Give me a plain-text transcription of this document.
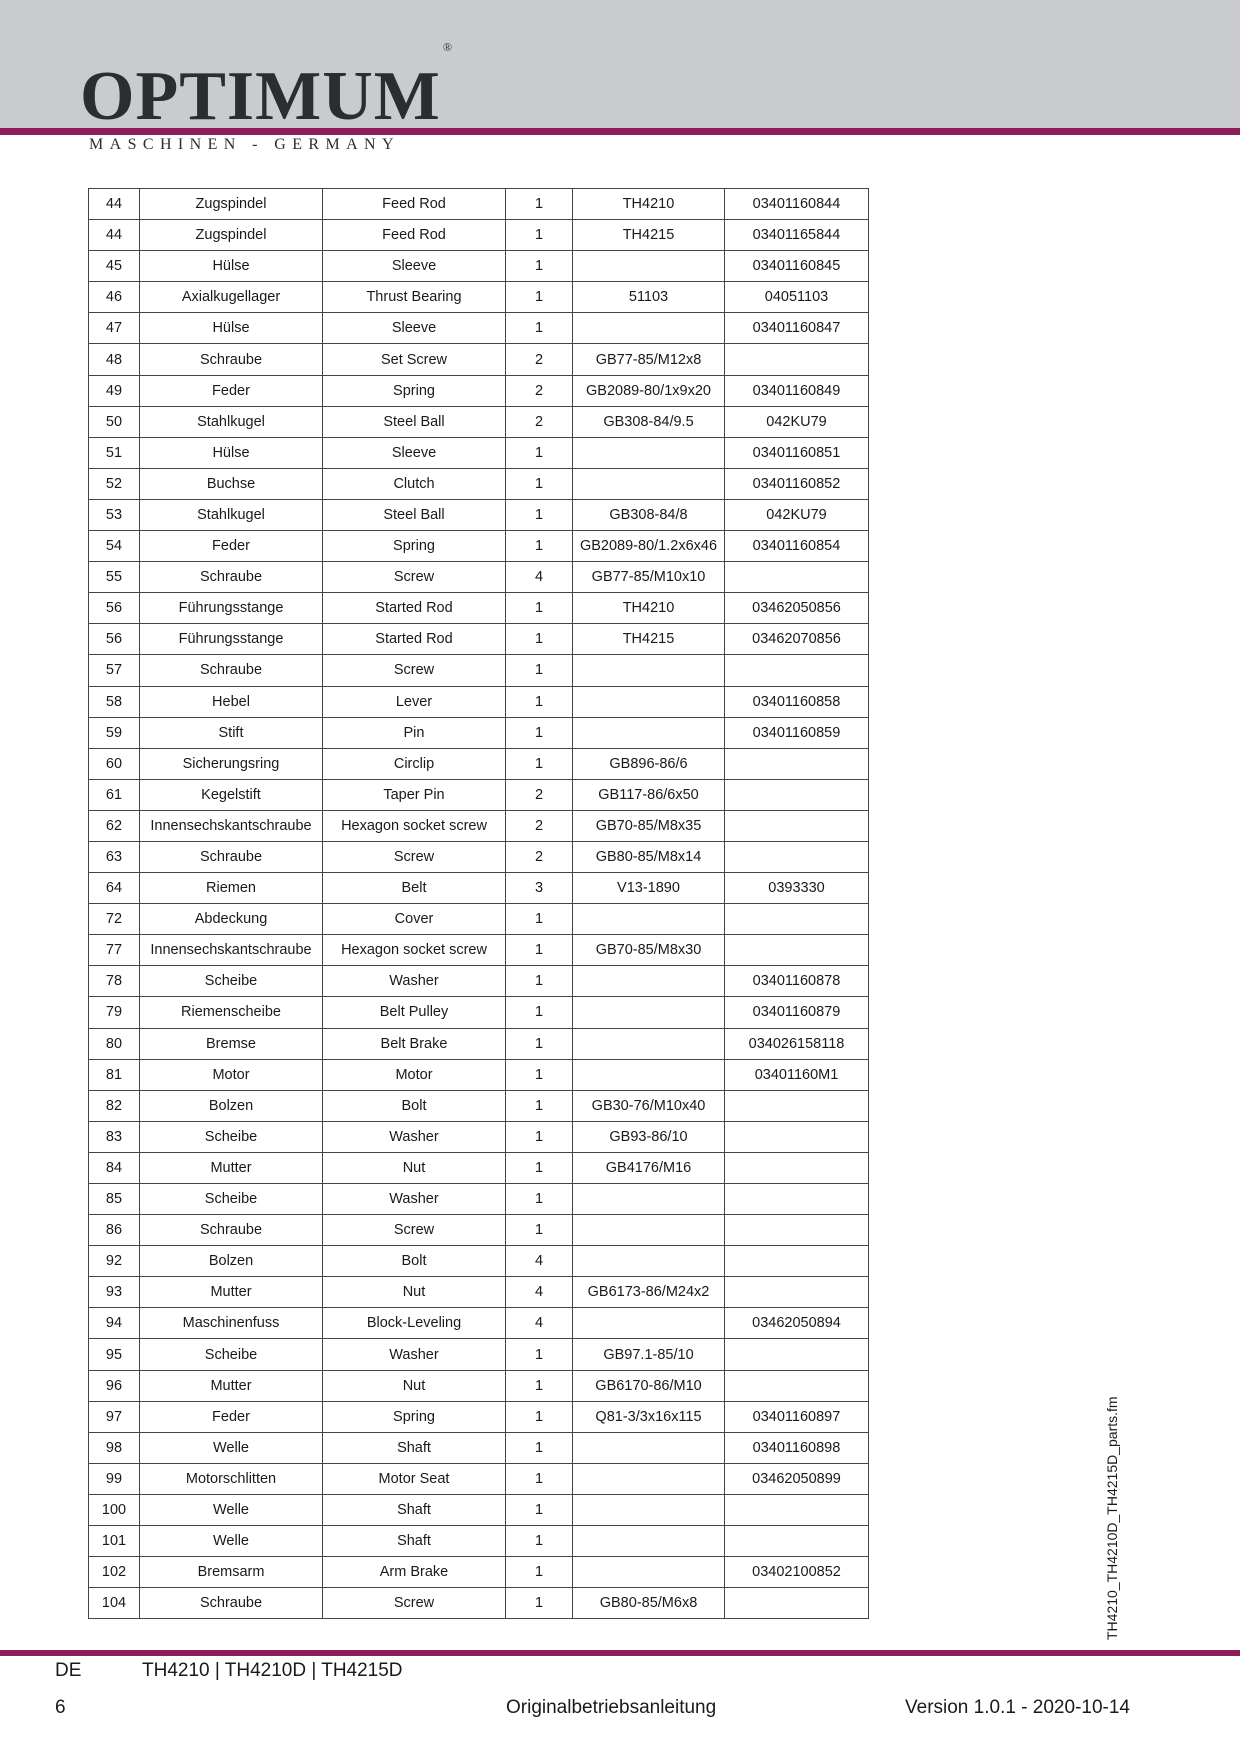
OPTIMUM®
MASCHINEN - GERMANY
44	Zugspindel	Feed Rod	1	TH4210	03401160844
44	Zugspindel	Feed Rod	1	TH4215	03401165844
45	Hülse	Sleeve	1		03401160845
46	Axialkugellager	Thrust Bearing	1	51103	04051103
47	Hülse	Sleeve	1		03401160847
48	Schraube	Set Screw	2	GB77-85/M12x8	
49	Feder	Spring	2	GB2089-80/1x9x20	03401160849
50	Stahlkugel	Steel Ball	2	GB308-84/9.5	042KU79
51	Hülse	Sleeve	1		03401160851
52	Buchse	Clutch	1		03401160852
53	Stahlkugel	Steel Ball	1	GB308-84/8	042KU79
54	Feder	Spring	1	GB2089-80/1.2x6x46	03401160854
55	Schraube	Screw	4	GB77-85/M10x10	
56	Führungsstange	Started Rod	1	TH4210	03462050856
56	Führungsstange	Started Rod	1	TH4215	03462070856
57	Schraube	Screw	1		
58	Hebel	Lever	1		03401160858
59	Stift	Pin	1		03401160859
60	Sicherungsring	Circlip	1	GB896-86/6	
61	Kegelstift	Taper Pin	2	GB117-86/6x50	
62	Innensechskantschraube	Hexagon socket screw	2	GB70-85/M8x35	
63	Schraube	Screw	2	GB80-85/M8x14	
64	Riemen	Belt	3	V13-1890	0393330
72	Abdeckung	Cover	1		
77	Innensechskantschraube	Hexagon socket screw	1	GB70-85/M8x30	
78	Scheibe	Washer	1		03401160878
79	Riemenscheibe	Belt Pulley	1		03401160879
80	Bremse	Belt Brake	1		034026158118
81	Motor	Motor	1		03401160M1
82	Bolzen	Bolt	1	GB30-76/M10x40	
83	Scheibe	Washer	1	GB93-86/10	
84	Mutter	Nut	1	GB4176/M16	
85	Scheibe	Washer	1		
86	Schraube	Screw	1		
92	Bolzen	Bolt	4		
93	Mutter	Nut	4	GB6173-86/M24x2	
94	Maschinenfuss	Block-Leveling	4		03462050894
95	Scheibe	Washer	1	GB97.1-85/10	
96	Mutter	Nut	1	GB6170-86/M10	
97	Feder	Spring	1	Q81-3/3x16x115	03401160897
98	Welle	Shaft	1		03401160898
99	Motorschlitten	Motor Seat	1		03462050899
100	Welle	Shaft	1		
101	Welle	Shaft	1		
102	Bremsarm	Arm Brake	1		03402100852
104	Schraube	Screw	1	GB80-85/M6x8		TH4210_TH4210D_TH4215D_parts.fm
DE	TH4210 | TH4210D | TH4215D
6	Originalbetriebsanleitung	Version 1.0.1 - 2020-10-14
